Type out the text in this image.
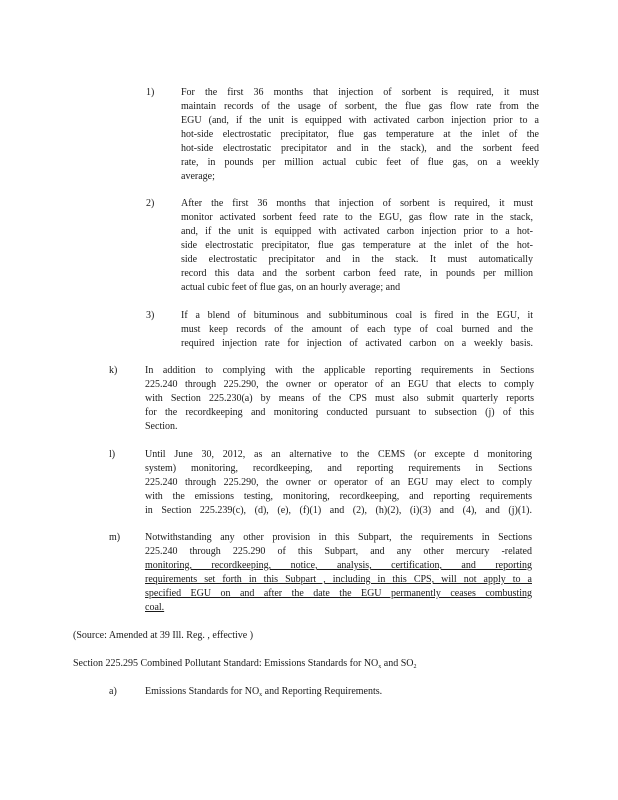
1)	For the first 36 months that injection of sorbent is required, it must
maintain records of the usage of sorbent, the flue gas flow rate from the
EGU (and, if the unit is equipped with activated carbon injection prior to a
hot-side electrostatic precipitator, flue gas temperature at the inlet of the
hot-side electrostatic precipitator and in the stack), and the sorbent feed
rate, in pounds per million actual cubic feet of flue gas, on a weekly
average;
2)	After the first 36 months that injection of sorbent is required, it must
monitor activated sorbent feed rate to the EGU, gas flow rate in the stack,
and, if the unit is equipped with activated carbon injection prior to a hot-
side electrostatic precipitator, flue gas temperature at the inlet of the hot-
side electrostatic precipitator and in the stack. It must automatically
record this data and the sorbent carbon feed rate, in pounds per million
actual cubic feet of flue gas, on an hourly average; and
3)	If a blend of bituminous and subbituminous coal is fired in the EGU, it
must keep records of the amount of each type of coal burned and the
required injection rate for injection of activated carbon on a weekly basis.
k)	In addition to complying with the applicable reporting requirements in Sections
225.240 through 225.290, the owner or operator of an EGU that elects to comply
with Section 225.230(a) by means of the CPS must also submit quarterly reports
for the recordkeeping and monitoring conducted pursuant to subsection (j) of this
Section.
l)	Until June 30, 2012, as an alternative to the CEMS (or excepte d monitoring
system) monitoring, recordkeeping, and reporting requirements in Sections
225.240 through 225.290, the owner or operator of an EGU may elect to comply
with the emissions testing, monitoring, recordkeeping, and reporting requirements
in Section 225.239(c), (d), (e), (f)(1) and (2), (h)(2), (i)(3) and (4), and (j)(1).
m) Notwithstanding any other provision in this Subpart, the requirements in Sections
225.240 through 225.290 of this Subpart, and any other mercury -related
monitoring, recordkeeping, notice, analysis, certification, and reporting
requirements set forth in this Subpart , including in this CPS, will not apply to a
specified EGU on and after the date the EGU permanently ceases combusting
coal.
(Source: Amended at 39 Ill. Reg. , effective )
Section 225.295 Combined Pollutant Standard: Emissions Standards for $NO_x$ and $SO_2$
a)	Emissions Standards for $NO_x$ and Reporting Requirements.
